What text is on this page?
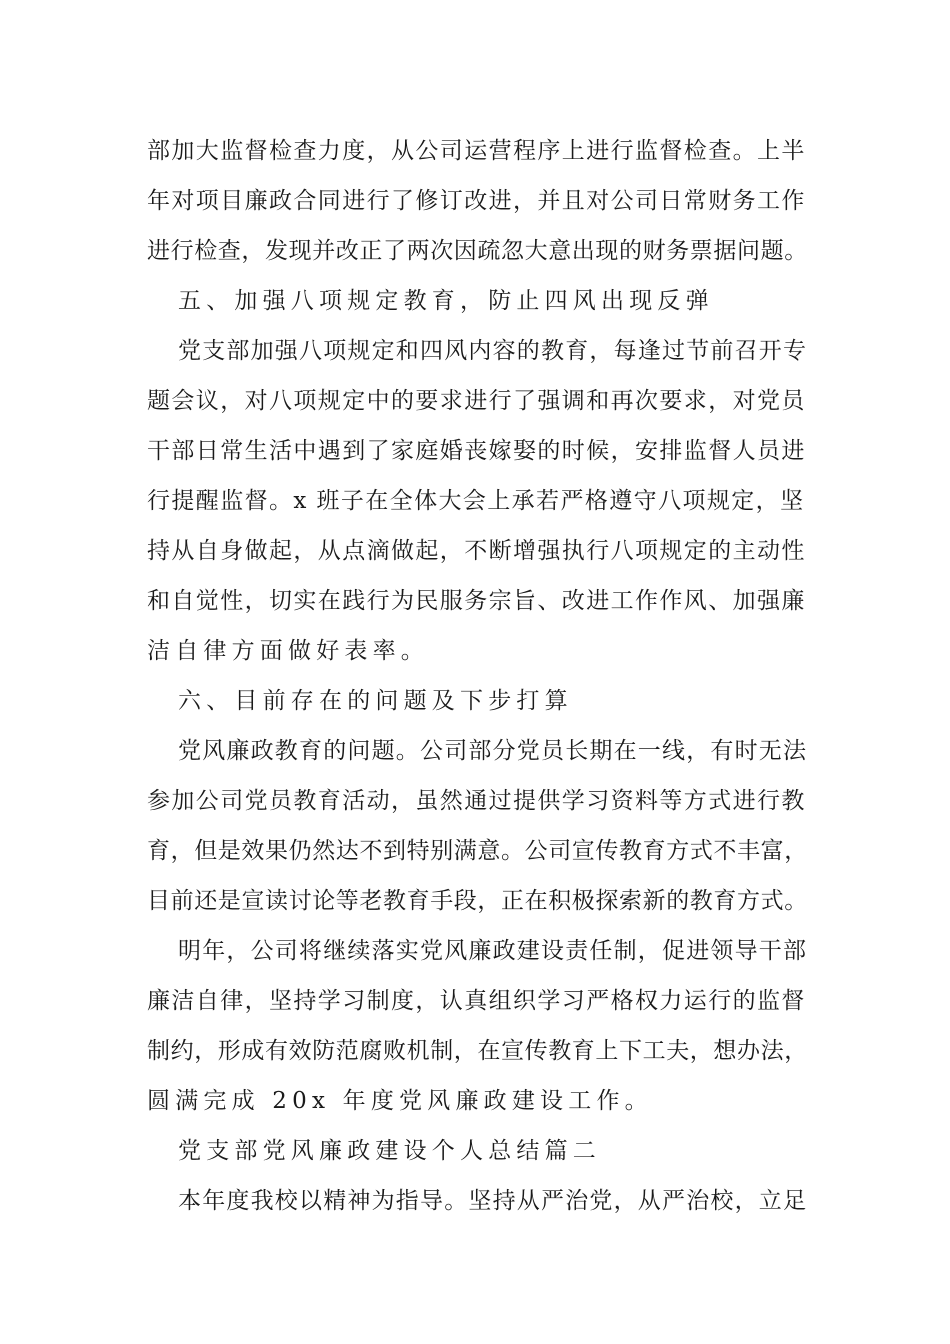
部加大监督检查力度，从公司运营程序上进行监督检查。上半
年对项目廉政合同进行了修订改进，并且对公司日常财务工作
进行检查，发现并改正了两次因疏忽大意出现的财务票据问题。
五、加强八项规定教育，防止四风出现反弹
党支部加强八项规定和四风内容的教育，每逢过节前召开专
题会议，对八项规定中的要求进行了强调和再次要求，对党员
干部日常生活中遇到了家庭婚丧嫁娶的时候，安排监督人员进
行提醒监督。x 班子在全体大会上承若严格遵守八项规定，坚
持从自身做起，从点滴做起，不断增强执行八项规定的主动性
和自觉性，切实在践行为民服务宗旨、改进工作作风、加强廉
洁自律方面做好表率。
六、目前存在的问题及下步打算
党风廉政教育的问题。公司部分党员长期在一线，有时无法
参加公司党员教育活动，虽然通过提供学习资料等方式进行教
育，但是效果仍然达不到特别满意。公司宣传教育方式不丰富，
目前还是宣读讨论等老教育手段，正在积极探索新的教育方式。
明年，公司将继续落实党风廉政建设责任制，促进领导干部
廉洁自律，坚持学习制度，认真组织学习严格权力运行的监督
制约，形成有效防范腐败机制，在宣传教育上下工夫，想办法，
圆满完成 20x 年度党风廉政建设工作。
党支部党风廉政建设个人总结篇二
本年度我校以精神为指导。坚持从严治党，从严治校，立足
